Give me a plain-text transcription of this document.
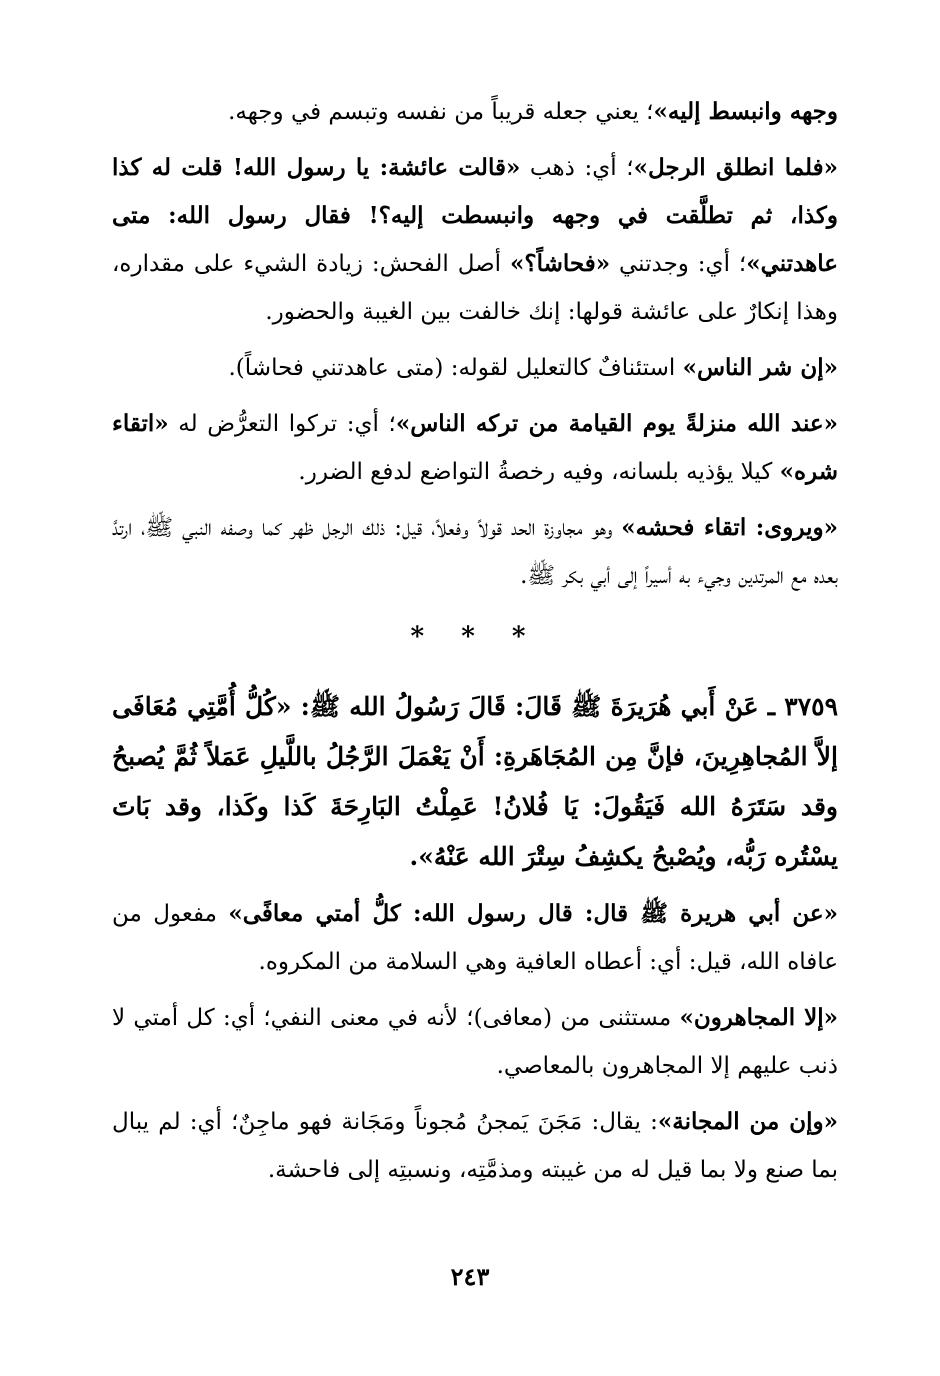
وجهه وانبسط إليه»؛ يعني جعله قريباً من نفسه وتبسم في وجهه.

«فلما انطلق الرجل»؛ أي: ذهب «قالت عائشة: يا رسول الله! قلت له كذا وكذا، ثم تطلَّقت في وجهه وانبسطت إليه؟! فقال رسول الله: متى عاهدتني»؛ أي: وجدتني «فحاشاً؟» أصل الفحش: زيادة الشيء على مقداره، وهذا إنكارٌ على عائشة قولها: إنك خالفت بين الغيبة والحضور.

«إن شر الناس» استئنافٌ كالتعليل لقوله: (متى عاهدتني فحاشاً).

«عند الله منزلةً يوم القيامة من تركه الناس»؛ أي: تركوا التعرُّض له «اتقاء شره» كيلا يؤذيه بلسانه، وفيه رخصةُ التواضع لدفع الضرر.

«ويروى: اتقاء فحشه» وهو مجاوزة الحد قولاً وفعلاً، قيل: ذلك الرجل ظهر كما وصفه النبي ﷺ، ارتدَّ بعده مع المرتدين وجيء به أسيراً إلى أبي بكر ﷺ.

* * *

٣٧٥٩ ـ عَنْ أَبي هُرَيرَةَ ﷺ قَالَ: قَالَ رَسُولُ الله ﷺ: «كُلُّ أُمَّتِي مُعَافَى إلاَّ المُجاهِرِينَ، فإنَّ مِن المُجَاهَرةِ: أَنْ يَعْمَلَ الرَّجُلُ باللَّيلِ عَمَلاً ثُمَّ يُصبحُ وقد سَتَرَهُ الله فَيَقُولَ: يَا فُلانُ! عَمِلْتُ البَارِحَةَ كَذا وكَذا، وقد بَاتَ يسْتُره رَبُّه، ويُصْبحُ يكشِفُ سِتْرَ الله عَنْهُ».

«عن أبي هريرة ﷺ قال: قال رسول الله: كلُّ أمتي معافًى» مفعول من عافاه الله، قيل: أي: أعطاه العافية وهي السلامة من المكروه.

«إلا المجاهرون» مستثنى من (معافى)؛ لأنه في معنى النفي؛ أي: كل أمتي لا ذنب عليهم إلا المجاهرون بالمعاصي.

«وإن من المجانة»: يقال: مَجَنَ يَمجنُ مُجوناً ومَجَانة فهو ماجِنٌ؛ أي: لم يبال بما صنع ولا بما قيل له من غيبته ومذمَّتِه، ونسبتِه إلى فاحشة.

٢٤٣
